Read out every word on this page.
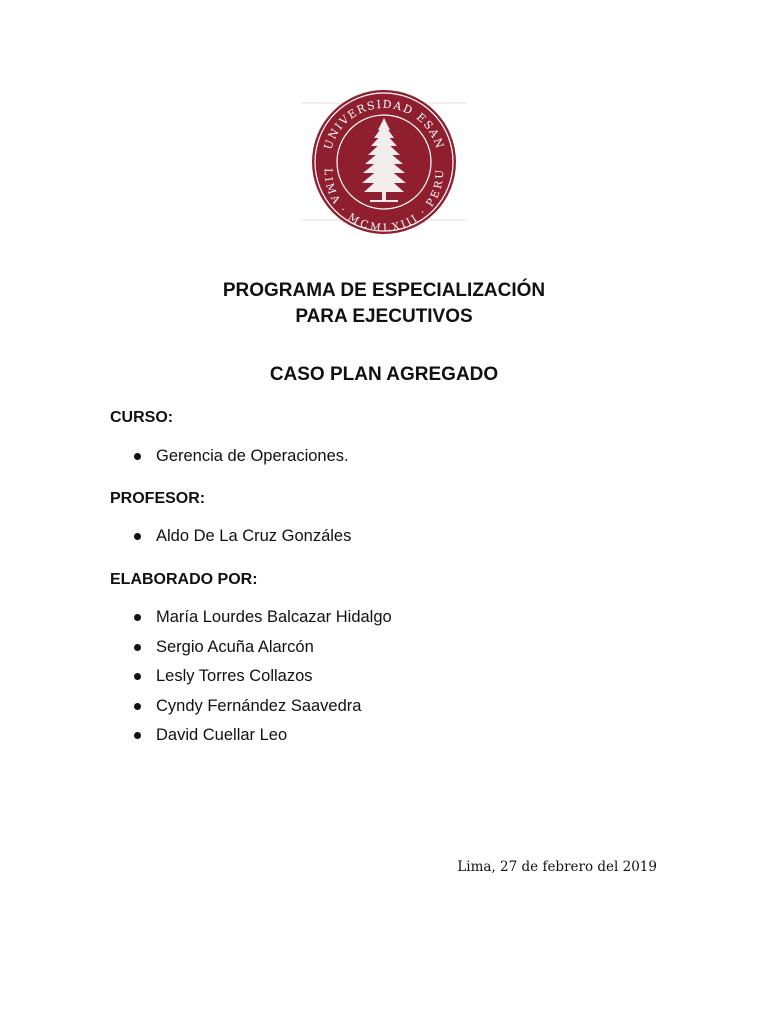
UNIVERSIDAD ESAN
LIMA · MCMLXIII · PERU
PROGRAMA DE ESPECIALIZACIÓN
PARA EJECUTIVOS
CASO PLAN AGREGADO

CURSO:

Gerencia de Operaciones.

PROFESOR:

Aldo De La Cruz Gonzáles

ELABORADO POR:

María Lourdes Balcazar Hidalgo
Sergio Acuña Alarcón
Lesly Torres Collazos
Cyndy Fernández Saavedra
David Cuellar Leo
Lima, 27 de febrero del 2019
